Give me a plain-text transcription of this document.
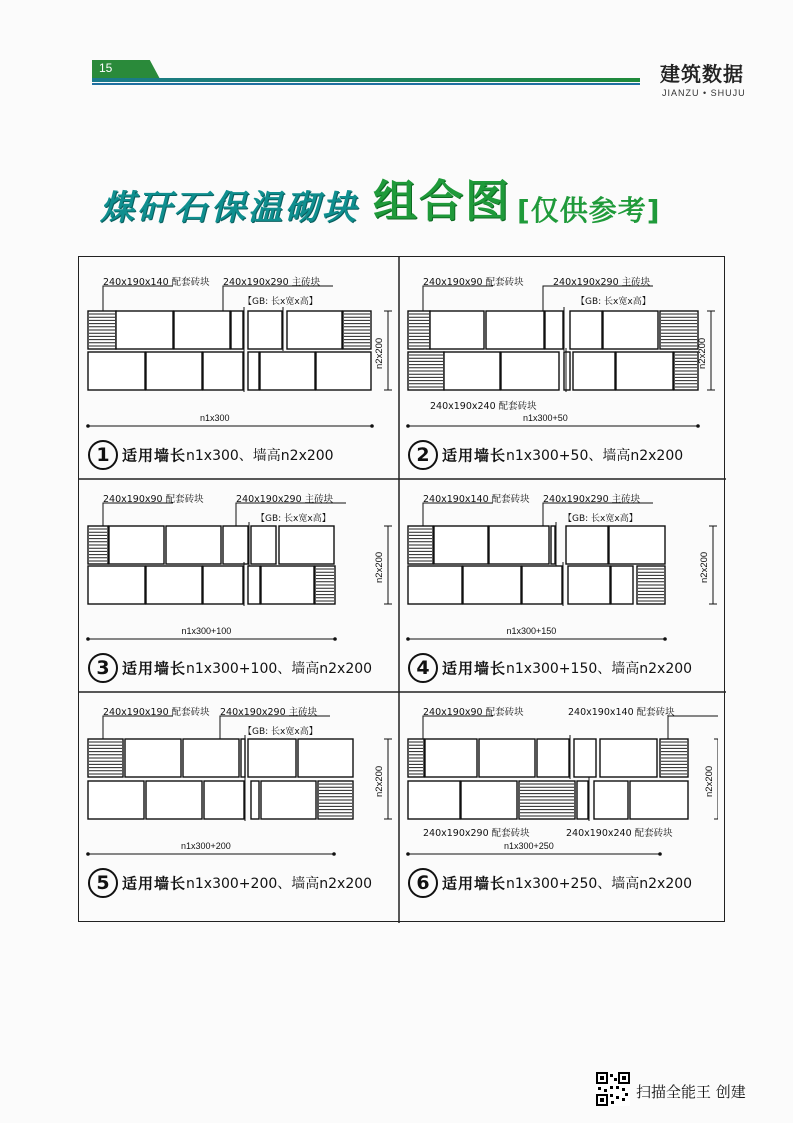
15	建筑数据
JIANZU • SHUJU
煤矸石保温砌块 组合图 [仅供参考]
240x190x140 配套砖块 240x190x290 主砖块
【GB: 长x宽x高】
n1x300
n2x200
1 适用墙长n1x300、墙高n2x200
240x190x90 配套砖块	240x190x290 主砖块
【GB: 长x宽x高】
240x190x240 配套砖块
n1x300+50
n2x200
2 适用墙长n1x300+50、墙高n2x200
240x190x90 配套砖块	240x190x290 主砖块
【GB: 长x宽x高】
n1x300+100
n2x200
3 适用墙长n1x300+100、墙高n2x200
240x190x140 配套砖块 240x190x290 主砖块
【GB: 长x宽x高】
n1x300+150
n2x200
4 适用墙长n1x300+150、墙高n2x200
240x190x190 配套砖块 240x190x290 主砖块
【GB: 长x宽x高】
n1x300+200
n2x200
5 适用墙长n1x300+200、墙高n2x200
240x190x90 配套砖块	240x190x140 配套砖块
240x190x290 配套砖块	240x190x240 配套砖块
n1x300+250
n2x200
6 适用墙长n1x300+250、墙高n2x200
扫描全能王 创建
